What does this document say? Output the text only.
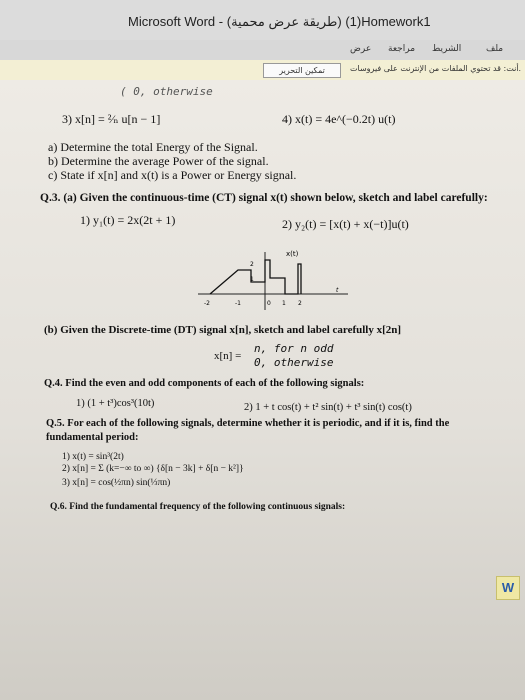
Microsoft Word - (طريقة عرض محمية) (1)Homework1
ملف
الشريط
مراجعة
عرض
تمكين التحرير	أنت: قد تحتوي الملفات من الإنترنت على فيروسات.
( 0, otherwise
3) x[n] = ²⁄ₙ u[n − 1]	4) x(t) = 4e^(−0.2t) u(t)
a) Determine the total Energy of the Signal.
b) Determine the average Power of the signal.
c) State if x[n] and x(t) is a Power or Energy signal.
Q.3. (a) Given the continuous-time (CT) signal x(t) shown below, sketch and label carefully:
1) y₁(t) = 2x(2t + 1)	2) y₂(t) = [x(t) + x(−t)]u(t)
x(t)
2
1
-2	-1	0 1 2
t
(b) Given the Discrete-time (DT) signal x[n], sketch and label carefully x[2n]
x[n] =
n, for n odd
0, otherwise
Q.4. Find the even and odd components of each of the following signals:
1) (1 + t³)cos³(10t)	2) 1 + t cos(t) + t² sin(t) + t³ sin(t) cos(t)
Q.5. For each of the following signals, determine whether it is periodic, and if it is, find the
fundamental period:
1) x(t) = sin³(2t)
2) x[n] = Σ (k=−∞ to ∞) {δ[n − 3k] + δ[n − k²]}
3) x[n] = cos(½πn) sin(⅓πn)
Q.6. Find the fundamental frequency of the following continuous signals:
W
